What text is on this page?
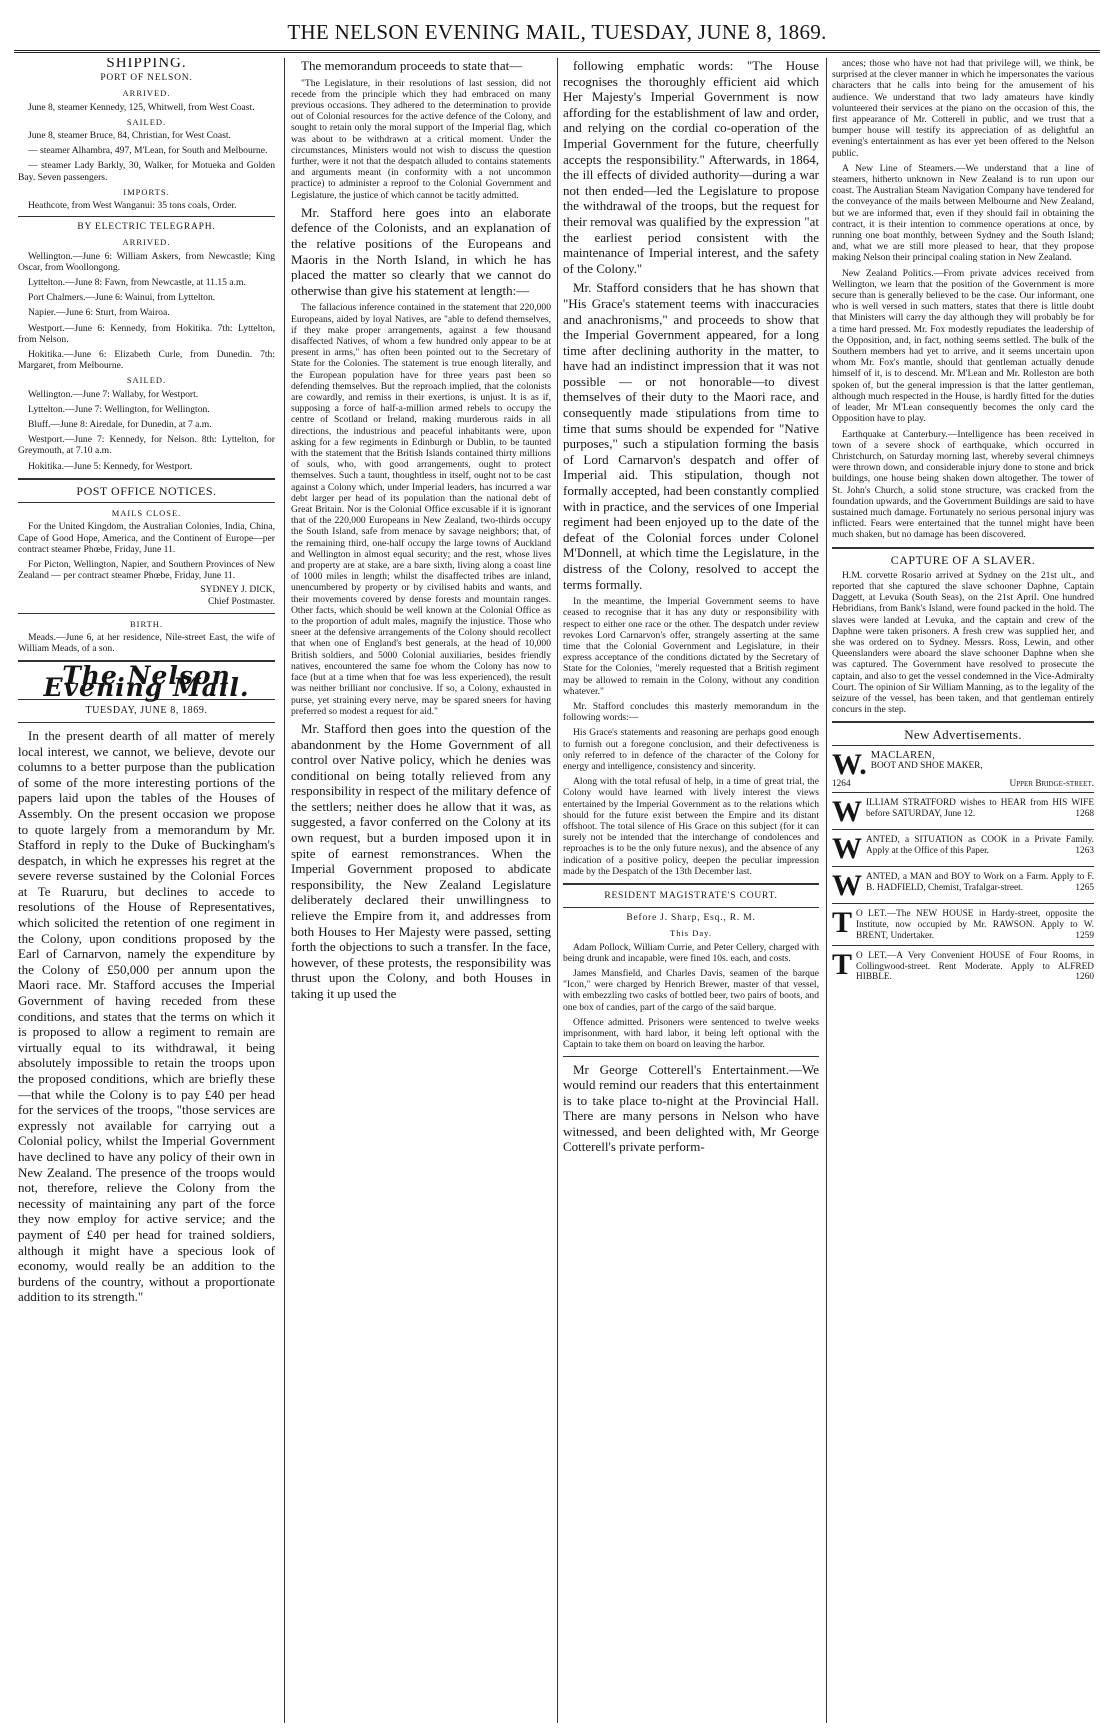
THE NELSON EVENING MAIL, TUESDAY, JUNE 8, 1869.
SHIPPING.
PORT OF NELSON.
ARRIVED.

June 8, steamer Kennedy, 125, Whitwell, from West Coast.

SAILED.

June 8, steamer Bruce, 84, Christian, for West Coast.

— steamer Alhambra, 497, M'Lean, for South and Melbourne.

— steamer Lady Barkly, 30, Walker, for Motueka and Golden Bay. Seven passengers.

IMPORTS.

Heathcote, from West Wanganui: 35 tons coals, Order.

BY ELECTRIC TELEGRAPH.
ARRIVED.

Wellington.—June 6: William Askers, from Newcastle; King Oscar, from Woollongong.

Lyttelton.—June 8: Fawn, from Newcastle, at 11.15 a.m.

Port Chalmers.—June 6: Wainui, from Lyttelton.

Napier.—June 6: Sturt, from Wairoa.

Westport.—June 6: Kennedy, from Hokitika. 7th: Lyttelton, from Nelson.

Hokitika.—June 6: Elizabeth Curle, from Dunedin. 7th: Margaret, from Melbourne.

SAILED.

Wellington.—June 7: Wallaby, for Westport.

Lyttelton.—June 7: Wellington, for Wellington.

Bluff.—June 8: Airedale, for Dunedin, at 7 a.m.

Westport.—June 7: Kennedy, for Nelson. 8th: Lyttelton, for Greymouth, at 7.10 a.m.

Hokitika.—June 5: Kennedy, for Westport.

POST OFFICE NOTICES.
MAILS CLOSE.

For the United Kingdom, the Australian Colonies, India, China, Cape of Good Hope, America, and the Continent of Europe—per contract steamer Phœbe, Friday, June 11.

For Picton, Wellington, Napier, and Southern Provinces of New Zealand — per contract steamer Phœbe, Friday, June 11.

SYDNEY J. DICK,

Chief Postmaster.

BIRTH.

Meads.—June 6, at her residence, Nile-street East, the wife of William Meads, of a son.

The Nelson Evening Mail.
TUESDAY, JUNE 8, 1869.

In the present dearth of all matter of merely local interest, we cannot, we believe, devote our columns to a better purpose than the publication of some of the more interesting portions of the papers laid upon the tables of the Houses of Assembly. On the present occasion we propose to quote largely from a memorandum by Mr. Stafford in reply to the Duke of Buckingham's despatch, in which he expresses his regret at the severe reverse sustained by the Colonial Forces at Te Ruaruru, but declines to accede to resolutions of the House of Representatives, which solicited the retention of one regiment in the Colony, upon conditions proposed by the Earl of Carnarvon, namely the expenditure by the Colony of £50,000 per annum upon the Maori race. Mr. Stafford accuses the Imperial Government of having receded from these conditions, and states that the terms on which it is proposed to allow a regiment to remain are virtually equal to its withdrawal, it being absolutely impossible to retain the troops upon the proposed conditions, which are briefly these—that while the Colony is to pay £40 per head for the services of the troops, "those services are expressly not available for carrying out a Colonial policy, whilst the Imperial Government have declined to have any policy of their own in New Zealand. The presence of the troops would not, therefore, relieve the Colony from the necessity of maintaining any part of the force they now employ for active service; and the payment of £40 per head for trained soldiers, although it might have a specious look of economy, would really be an addition to the burdens of the country, without a proportionate addition to its strength."

The memorandum proceeds to state that—

"The Legislature, in their resolutions of last session, did not recede from the principle which they had embraced on many previous occasions. They adhered to the determination to provide out of Colonial resources for the active defence of the Colony, and sought to retain only the moral support of the Imperial flag, which was about to be withdrawn at a critical moment. Under the circumstances, Ministers would not wish to discuss the question further, were it not that the despatch alluded to contains statements and arguments meant (in conformity with a not uncommon practice) to administer a reproof to the Colonial Government and Legislature, the justice of which cannot be tacitly admitted.

Mr. Stafford here goes into an elaborate defence of the Colonists, and an explanation of the relative positions of the Europeans and Maoris in the North Island, in which he has placed the matter so clearly that we cannot do otherwise than give his statement at length:—

The fallacious inference contained in the statement that 220,000 Europeans, aided by loyal Natives, are "able to defend themselves, if they make proper arrangements, against a few thousand disaffected Natives, of whom a few hundred only appear to be at present in arms," has often been pointed out to the Secretary of State for the Colonies. The statement is true enough literally, and the European population have for three years past been so defending themselves. But the reproach implied, that the colonists are cowardly, and remiss in their exertions, is unjust. It is as if, supposing a force of half-a-million armed rebels to occupy the centre of Scotland or Ireland, making murderous raids in all directions, the industrious and peaceful inhabitants were, upon asking for a few regiments in Edinburgh or Dublin, to be taunted with the statement that the British Islands contained thirty millions of souls, who, with good arrangements, ought to protect themselves. Such a taunt, thoughtless in itself, ought not to be cast against a Colony which, under Imperial leaders, has incurred a war debt larger per head of its population than the national debt of Great Britain. Nor is the Colonial Office excusable if it is ignorant that of the 220,000 Europeans in New Zealand, two-thirds occupy the South Island, safe from menace by savage neighbors; that, of the remaining third, one-half occupy the large towns of Auckland and Wellington in almost equal security; and the rest, whose lives and property are at stake, are a bare sixth, living along a coast line of 1000 miles in length; whilst the disaffected tribes are inland, unencumbered by property or by civilised habits and wants, and their movements covered by dense forests and mountain ranges. Other facts, which should be well known at the Colonial Office as to the proportion of adult males, magnify the injustice. Those who sneer at the defensive arrangements of the Colony should recollect that when one of England's best generals, at the head of 10,000 British soldiers, and 5000 Colonial auxiliaries, besides friendly natives, encountered the same foe whom the Colony has now to face (but at a time when that foe was less experienced), the result was neither brilliant nor conclusive. If so, a Colony, exhausted in purse, yet straining every nerve, may be spared sneers for having preferred so modest a request for aid."

Mr. Stafford then goes into the question of the abandonment by the Home Government of all control over Native policy, which he denies was conditional on being totally relieved from any responsibility in respect of the military defence of the settlers; neither does he allow that it was, as suggested, a favor conferred on the Colony at its own request, but a burden imposed upon it in spite of earnest remonstrances. When the Imperial Government proposed to abdicate responsibility, the New Zealand Legislature deliberately declared their unwillingness to relieve the Empire from it, and addresses from both Houses to Her Majesty were passed, setting forth the objections to such a transfer. In the face, however, of these protests, the responsibility was thrust upon the Colony, and both Houses in taking it up used the

following emphatic words: "The House recognises the thoroughly efficient aid which Her Majesty's Imperial Government is now affording for the establishment of law and order, and relying on the cordial co-operation of the Imperial Government for the future, cheerfully accepts the responsibility." Afterwards, in 1864, the ill effects of divided authority—during a war not then ended—led the Legislature to propose the withdrawal of the troops, but the request for their removal was qualified by the expression "at the earliest period consistent with the maintenance of Imperial interest, and the safety of the Colony."

Mr. Stafford considers that he has shown that "His Grace's statement teems with inaccuracies and anachronisms," and proceeds to show that the Imperial Government appeared, for a long time after declining authority in the matter, to have had an indistinct impression that it was not possible — or not honorable—to divest themselves of their duty to the Maori race, and consequently made stipulations from time to time that sums should be expended for "Native purposes," such a stipulation forming the basis of Lord Carnarvon's despatch and offer of Imperial aid. This stipulation, though not formally accepted, had been constantly complied with in practice, and the services of one Imperial regiment had been enjoyed up to the date of the defeat of the Colonial forces under Colonel M'Donnell, at which time the Legislature, in the distress of the Colony, resolved to accept the terms formally.

In the meantime, the Imperial Government seems to have ceased to recognise that it has any duty or responsibility with respect to either one race or the other. The despatch under review revokes Lord Carnarvon's offer, strangely asserting at the same time that the Colonial Government and Legislature, in their express acceptance of the conditions dictated by the Secretary of State for the Colonies, "merely requested that a British regiment may be allowed to remain in the Colony, without any condition whatever."

Mr. Stafford concludes this masterly memorandum in the following words:—

His Grace's statements and reasoning are perhaps good enough to furnish out a foregone conclusion, and their defectiveness is only referred to in defence of the character of the Colony for energy and intelligence, consistency and sincerity.

Along with the total refusal of help, in a time of great trial, the Colony would have learned with lively interest the views entertained by the Imperial Government as to the relations which should for the future exist between the Empire and its distant offshoot. The total silence of His Grace on this subject (for it can surely not be intended that the interchange of condolences and reproaches is to be the only future nexus), and the absence of any indication of a positive policy, deepen the peculiar impression made by the Despatch of the 13th December last.

RESIDENT MAGISTRATE'S COURT.
Before J. Sharp, Esq., R. M.
This Day.

Adam Pollock, William Currie, and Peter Cellery, charged with being drunk and incapable, were fined 10s. each, and costs.

James Mansfield, and Charles Davis, seamen of the barque "Icon," were charged by Henrich Brewer, master of that vessel, with embezzling two casks of bottled beer, two pairs of boots, and one box of candies, part of the cargo of the said barque.

Offence admitted. Prisoners were sentenced to twelve weeks imprisonment, with hard labor, it being left optional with the Captain to take them on board on leaving the harbor.

Mr George Cotterell's Entertainment.—We would remind our readers that this entertainment is to take place to-night at the Provincial Hall. There are many persons in Nelson who have witnessed, and been delighted with, Mr George Cotterell's private perform-

ances; those who have not had that privilege will, we think, be surprised at the clever manner in which he impersonates the various characters that he calls into being for the amusement of his audience. We understand that two lady amateurs have kindly volunteered their services at the piano on the occasion of this, the first appearance of Mr. Cotterell in public, and we trust that a bumper house will testify its appreciation of as delightful an evening's entertainment as has ever yet been offered to the Nelson public.

A New Line of Steamers.—We understand that a line of steamers, hitherto unknown in New Zealand is to run upon our coast. The Australian Steam Navigation Company have tendered for the conveyance of the mails between Melbourne and New Zealand, but we are informed that, even if they should fail in obtaining the contract, it is their intention to commence operations at once, by running one boat monthly, between Sydney and the South Island; and, what we are still more pleased to hear, that they propose making Nelson their principal coaling station in New Zealand.

New Zealand Politics.—From private advices received from Wellington, we learn that the position of the Government is more secure than is generally believed to be the case. Our informant, one who is well versed in such matters, states that there is little doubt that Ministers will carry the day although they will probably be for a time hard pressed. Mr. Fox modestly repudiates the leadership of the Opposition, and, in fact, nothing seems settled. The bulk of the Southern members had yet to arrive, and it seems uncertain upon whom Mr. Fox's mantle, should that gentleman actually denude himself of it, is to descend. Mr. M'Lean and Mr. Rolleston are both spoken of, but the general impression is that the latter gentleman, although much respected in the House, is hardly fitted for the duties of leader, Mr M'Lean consequently becomes the only card the Opposition have to play.

Earthquake at Canterbury.—Intelligence has been received in town of a severe shock of earthquake, which occurred in Christchurch, on Saturday morning last, whereby several chimneys were thrown down, and considerable injury done to stone and brick buildings, one house being shaken down altogether. The tower of St. John's Church, a solid stone structure, was cracked from the foundation upwards, and the Government Buildings are said to have sustained much damage. Fortunately no serious personal injury was inflicted. Fears were entertained that the tunnel might have been much shaken, but no damage has been discovered.

CAPTURE OF A SLAVER.

H.M. corvette Rosario arrived at Sydney on the 21st ult., and reported that she captured the slave schooner Daphne, Captain Daggett, at Levuka (South Seas), on the 21st April. One hundred Hebridians, from Bank's Island, were found packed in the hold. The slaves were landed at Levuka, and the captain and crew of the Daphne were taken prisoners. A fresh crew was supplied her, and she was ordered on to Sydney. Messrs. Ross, Lewin, and other Queenslanders were aboard the slave schooner Daphne when she was captured. The Government have resolved to prosecute the captain, and also to get the vessel condemned in the Vice-Admiralty Court. The opinion of Sir William Manning, as to the legality of the seizure of the vessel, has been taken, and that gentleman entirely concurs in the step.

New Advertisements.
W. MACLAREN,
BOOT AND SHOE MAKER,
1264	Upper Bridge-street.
W ILLIAM STRATFORD wishes to HEAR from HIS WIFE before SATURDAY, June 12.	1268
W ANTED, a SITUATION as COOK in a Private Family. Apply at the Office of this Paper.	1263
W ANTED, a MAN and BOY to Work on a Farm. Apply to F. B. HADFIELD, Chemist, Trafalgar-street.	1265
T O LET.—The NEW HOUSE in Hardy-street, opposite the Institute, now occupied by Mr. RAWSON. Apply to W. BRENT, Undertaker.	1259
T O LET.—A Very Convenient HOUSE of Four Rooms, in Collingwood-street. Rent Moderate. Apply to ALFRED HIBBLE.	1260
